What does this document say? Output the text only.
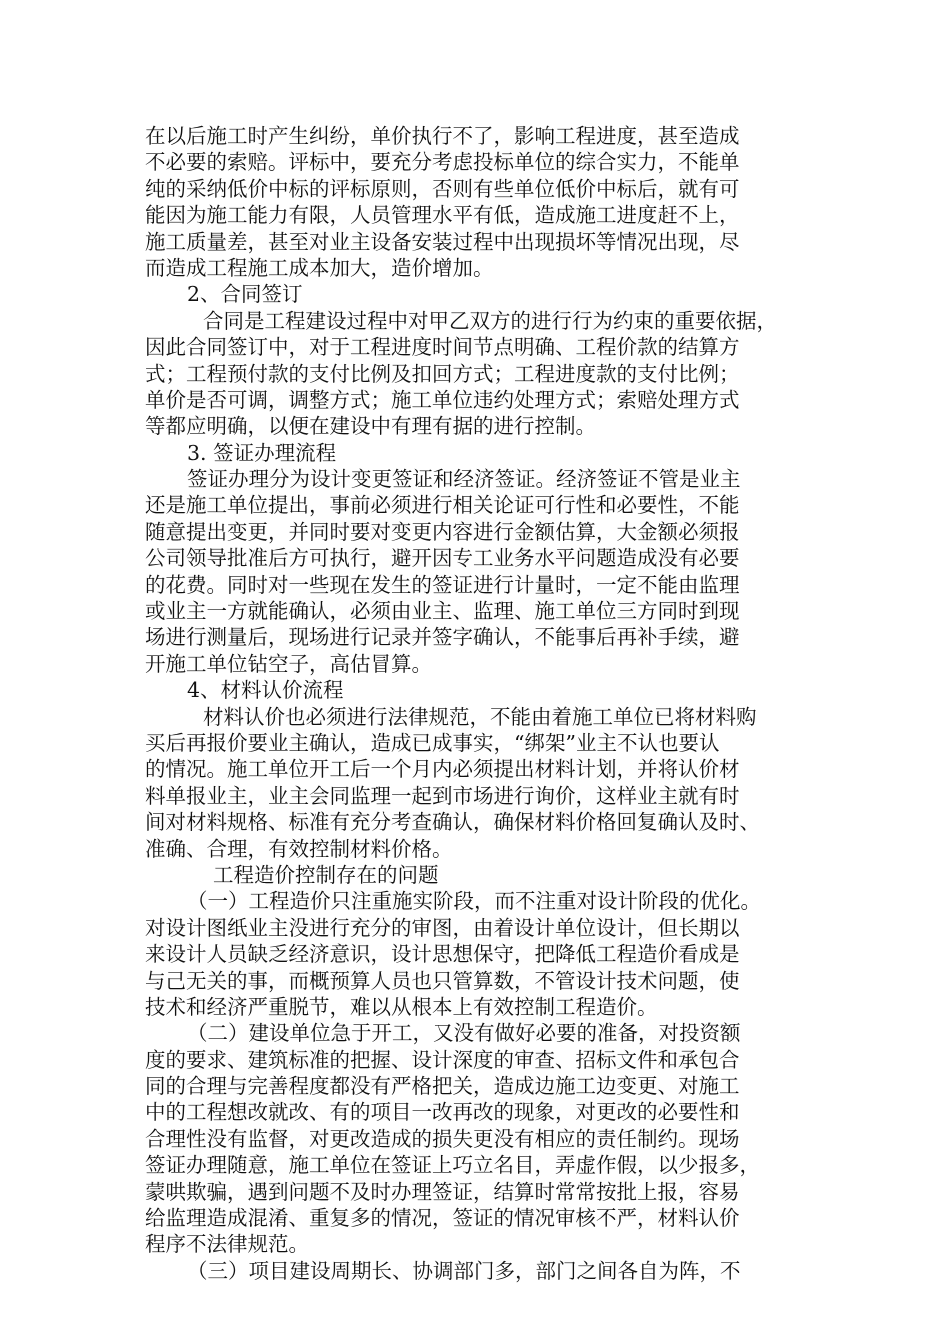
在以后施工时产生纠纷，单价执行不了，影响工程进度，甚至造成
不必要的索赔。评标中，要充分考虑投标单位的综合实力，不能单
纯的采纳低价中标的评标原则，否则有些单位低价中标后，就有可
能因为施工能力有限，人员管理水平有低，造成施工进度赶不上，
施工质量差，甚至对业主设备安装过程中出现损坏等情况出现，尽
而造成工程施工成本加大，造价增加。
2、合同签订
合同是工程建设过程中对甲乙双方的进行行为约束的重要依据，
因此合同签订中，对于工程进度时间节点明确、工程价款的结算方
式；工程预付款的支付比例及扣回方式；工程进度款的支付比例；
单价是否可调，调整方式；施工单位违约处理方式；索赔处理方式
等都应明确，以便在建设中有理有据的进行控制。
3. 签证办理流程
签证办理分为设计变更签证和经济签证。经济签证不管是业主
还是施工单位提出，事前必须进行相关论证可行性和必要性，不能
随意提出变更，并同时要对变更内容进行金额估算，大金额必须报
公司领导批准后方可执行，避开因专工业务水平问题造成没有必要
的花费。同时对一些现在发生的签证进行计量时，一定不能由监理
或业主一方就能确认，必须由业主、监理、施工单位三方同时到现
场进行测量后，现场进行记录并签字确认，不能事后再补手续，避
开施工单位钻空子，高估冒算。
4、材料认价流程
材料认价也必须进行法律规范，不能由着施工单位已将材料购
买后再报价要业主确认，造成已成事实，“绑架”业主不认也要认
的情况。施工单位开工后一个月内必须提出材料计划，并将认价材
料单报业主，业主会同监理一起到市场进行询价，这样业主就有时
间对材料规格、标准有充分考查确认，确保材料价格回复确认及时、
准确、合理，有效控制材料价格。
工程造价控制存在的问题
（一）工程造价只注重施实阶段，而不注重对设计阶段的优化。
对设计图纸业主没进行充分的审图，由着设计单位设计，但长期以
来设计人员缺乏经济意识，设计思想保守，把降低工程造价看成是
与己无关的事，而概预算人员也只管算数，不管设计技术问题，使
技术和经济严重脱节，难以从根本上有效控制工程造价。
（二）建设单位急于开工，又没有做好必要的准备，对投资额
度的要求、建筑标准的把握、设计深度的审查、招标文件和承包合
同的合理与完善程度都没有严格把关，造成边施工边变更、对施工
中的工程想改就改、有的项目一改再改的现象，对更改的必要性和
合理性没有监督，对更改造成的损失更没有相应的责任制约。现场
签证办理随意，施工单位在签证上巧立名目，弄虚作假，以少报多，
蒙哄欺骗，遇到问题不及时办理签证，结算时常常按批上报，容易
给监理造成混淆、重复多的情况，签证的情况审核不严，材料认价
程序不法律规范。
（三）项目建设周期长、协调部门多，部门之间各自为阵，不
